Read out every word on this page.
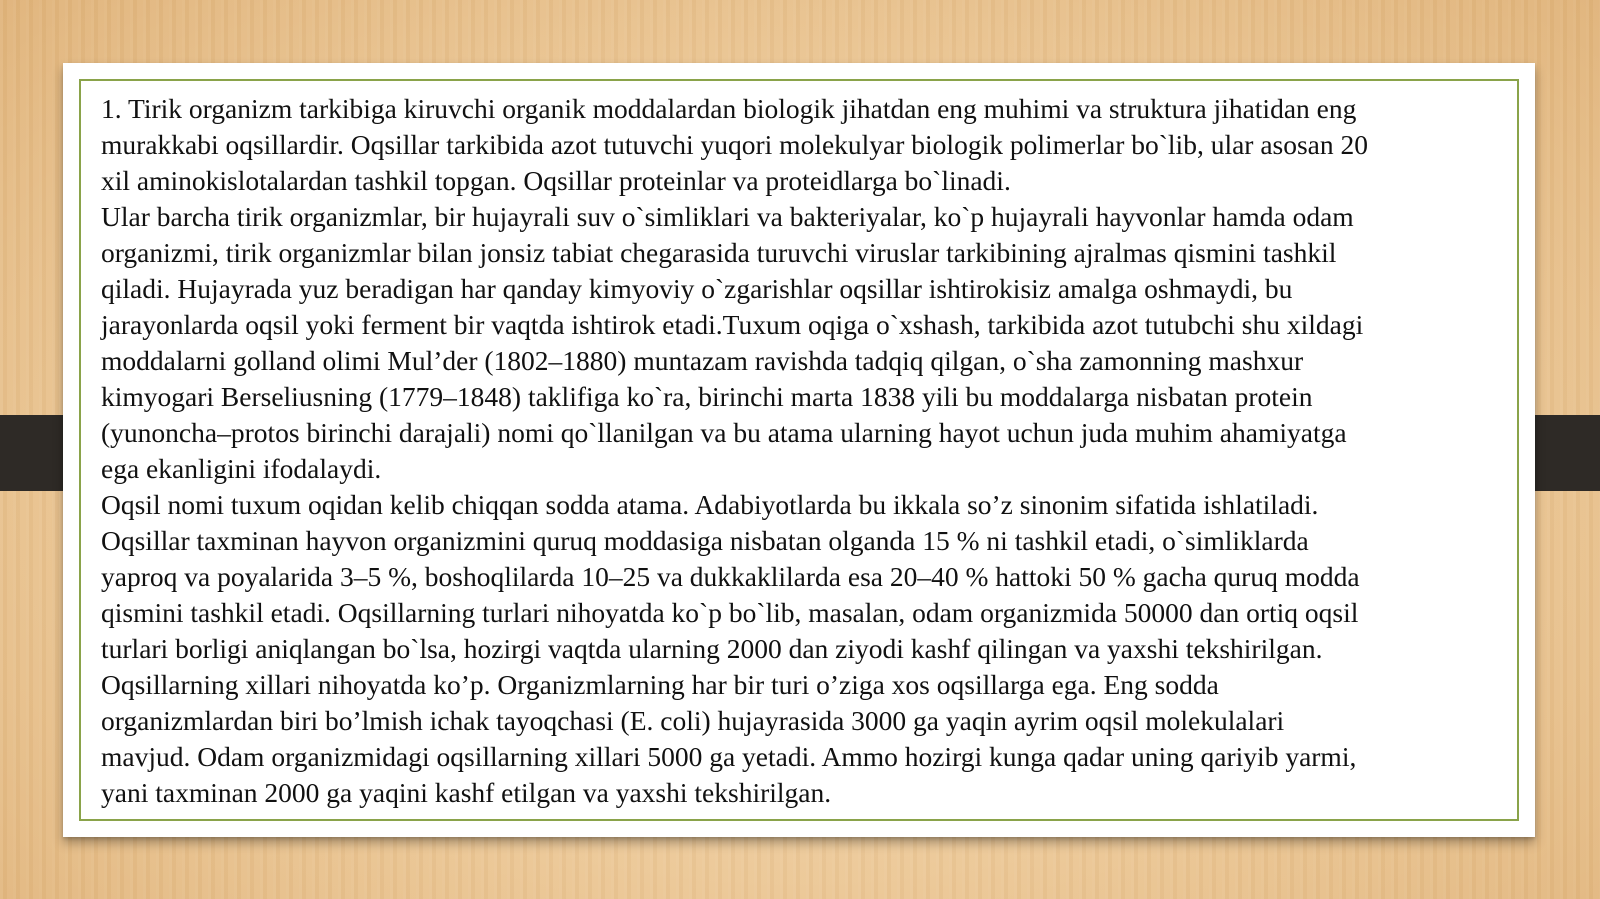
1. Tirik organizm tarkibiga kiruvchi organik moddalardan biologik jihatdan eng muhimi va struktura jihatidan eng
murakkabi oqsillardir. Oqsillar tarkibida azot tutuvchi yuqori molekulyar biologik polimerlar bo`lib, ular asosan 20
xil aminokislotalardan tashkil topgan. Oqsillar proteinlar va proteidlarga bo`linadi.
Ular barcha tirik organizmlar, bir hujayrali suv o`simliklari va bakteriyalar, ko`p hujayrali hayvonlar hamda odam
organizmi, tirik organizmlar bilan jonsiz tabiat chegarasida turuvchi viruslar tarkibining ajralmas qismini tashkil
qiladi. Hujayrada yuz beradigan har qanday kimyoviy o`zgarishlar oqsillar ishtirokisiz amalga oshmaydi, bu
jarayonlarda oqsil yoki ferment bir vaqtda ishtirok etadi.Tuxum oqiga o`xshash, tarkibida azot tutubchi shu xildagi
moddalarni golland olimi Mul’der (1802–1880) muntazam ravishda tadqiq qilgan, o`sha zamonning mashxur
kimyogari Berseliusning (1779–1848) taklifiga ko`ra, birinchi marta 1838 yili bu moddalarga nisbatan protein
(yunoncha–protos birinchi darajali) nomi qo`llanilgan va bu atama ularning hayot uchun juda muhim ahamiyatga
ega ekanligini ifodalaydi.
Oqsil nomi tuxum oqidan kelib chiqqan sodda atama. Adabiyotlarda bu ikkala so’z sinonim sifatida ishlatiladi.
Oqsillar taxminan hayvon organizmini quruq moddasiga nisbatan olganda 15 % ni tashkil etadi, o`simliklarda
yaproq va poyalarida 3–5 %, boshoqlilarda 10–25 va dukkaklilarda esa 20–40 % hattoki 50 % gacha quruq modda
qismini tashkil etadi. Oqsillarning turlari nihoyatda ko`p bo`lib, masalan, odam organizmida 50000 dan ortiq oqsil
turlari borligi aniqlangan bo`lsa, hozirgi vaqtda ularning 2000 dan ziyodi kashf qilingan va yaxshi tekshirilgan.
Oqsillarning xillari nihoyatda ko’p. Organizmlarning har bir turi o’ziga xos oqsillarga ega. Eng sodda
organizmlardan biri bo’lmish ichak tayoqchasi (E. coli) hujayrasida 3000 ga yaqin ayrim oqsil molekulalari
mavjud. Odam organizmidagi oqsillarning xillari 5000 ga yetadi. Ammo hozirgi kunga qadar uning qariyib yarmi,
yani taxminan 2000 ga yaqini kashf etilgan va yaxshi tekshirilgan.
